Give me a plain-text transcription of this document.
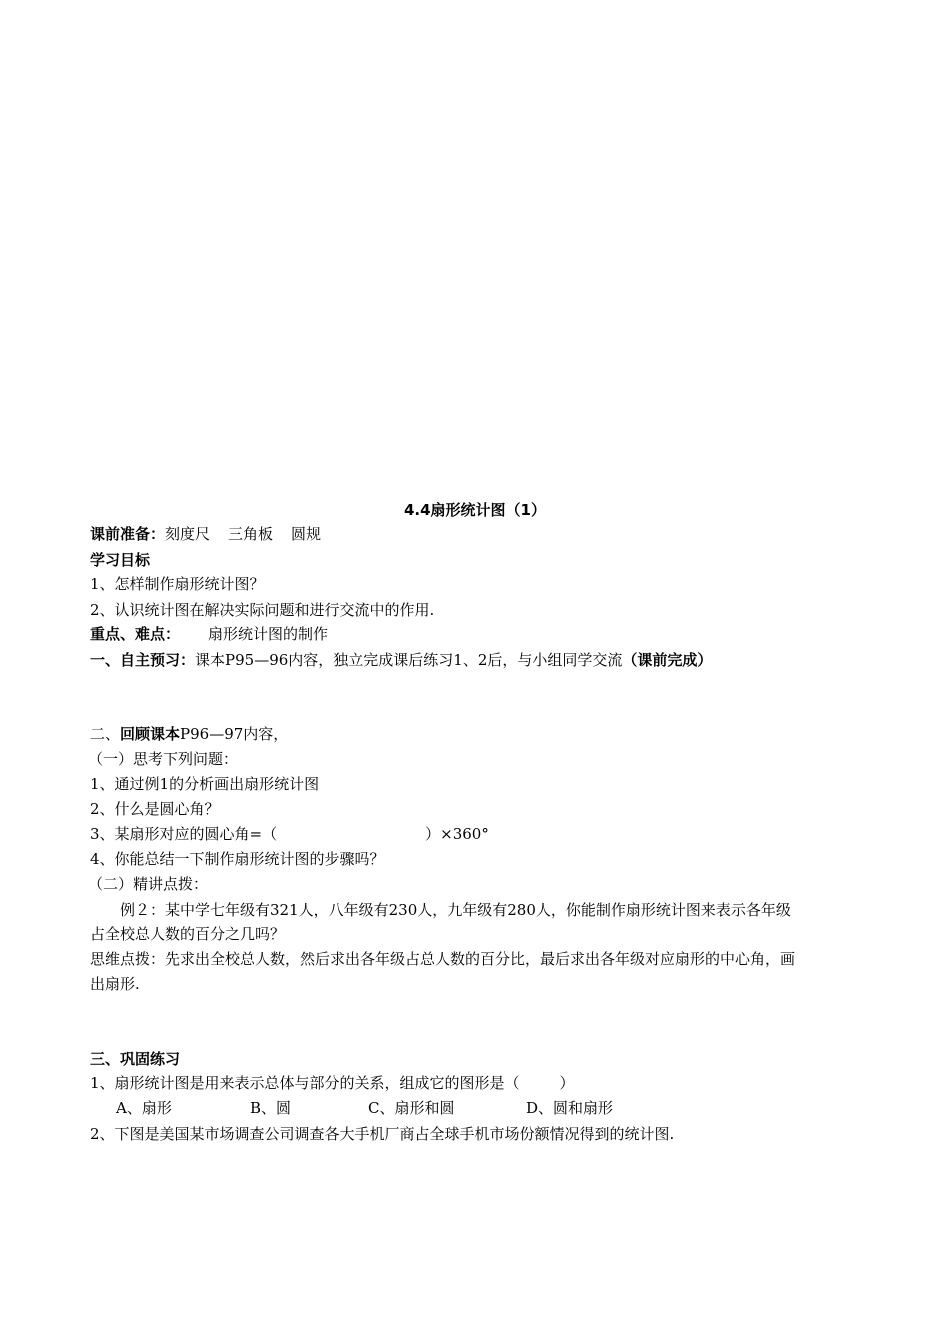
4.4扇形统计图（1）
课前准备：刻度尺 三角板 圆规
学习目标
1、怎样制作扇形统计图？
2、认识统计图在解决实际问题和进行交流中的作用.
重点、难点： 扇形统计图的制作
一、自主预习：课本P95—96内容，独立完成课后练习1、2后，与小组同学交流（课前完成）
二、回顾课本P96—97内容，
（一）思考下列问题：
1、通过例1的分析画出扇形统计图
2、什么是圆心角？
3、某扇形对应的圆心角=（	）×360°
4、你能总结一下制作扇形统计图的步骤吗？
（二）精讲点拨：
例２：某中学七年级有321人，八年级有230人，九年级有280人，你能制作扇形统计图来表示各年级
占全校总人数的百分之几吗？
思维点拨：先求出全校总人数，然后求出各年级占总人数的百分比，最后求出各年级对应扇形的中心角，画
出扇形.
三、巩固练习
1、扇形统计图是用来表示总体与部分的关系，组成它的图形是（	）
A、扇形	B、圆	C、扇形和圆	D、圆和扇形
2、下图是美国某市场调查公司调查各大手机厂商占全球手机市场份额情况得到的统计图.
